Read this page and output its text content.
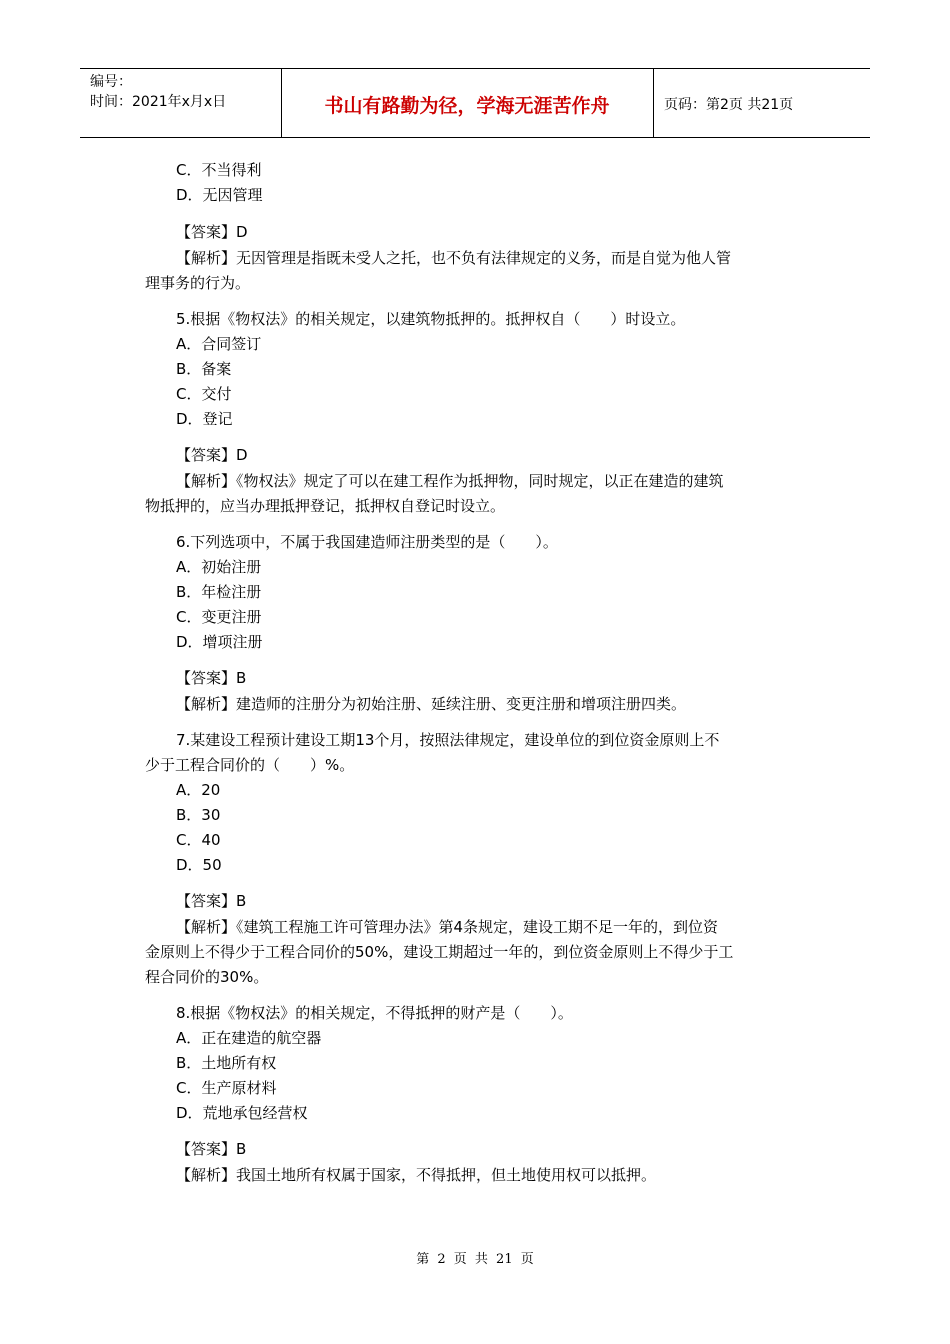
编号：
时间：2021年x月x日	书山有路勤为径，学海无涯苦作舟	页码：第2页 共21页
C．不当得利
D．无因管理
【答案】D
【解析】无因管理是指既未受人之托，也不负有法律规定的义务，而是自觉为他人管
理事务的行为。
5.根据《物权法》的相关规定，以建筑物抵押的。抵押权自（　　）时设立。
A．合同签订
B．备案
C．交付
D．登记
【答案】D
【解析】《物权法》规定了可以在建工程作为抵押物，同时规定，以正在建造的建筑
物抵押的，应当办理抵押登记，抵押权自登记时设立。
6.下列选项中，不属于我国建造师注册类型的是（　　）。
A．初始注册
B．年检注册
C．变更注册
D．增项注册
【答案】B
【解析】建造师的注册分为初始注册、延续注册、变更注册和增项注册四类。
7.某建设工程预计建设工期13个月，按照法律规定，建设单位的到位资金原则上不
少于工程合同价的（　　）%。
A．20
B．30
C．40
D．50
【答案】B
【解析】《建筑工程施工许可管理办法》第4条规定，建设工期不足一年的，到位资
金原则上不得少于工程合同价的50%，建设工期超过一年的，到位资金原则上不得少于工
程合同价的30%。
8.根据《物权法》的相关规定，不得抵押的财产是（　　）。
A．正在建造的航空器
B．土地所有权
C．生产原材料
D．荒地承包经营权
【答案】B
【解析】我国土地所有权属于国家，不得抵押，但土地使用权可以抵押。
第 2 页 共 21 页
